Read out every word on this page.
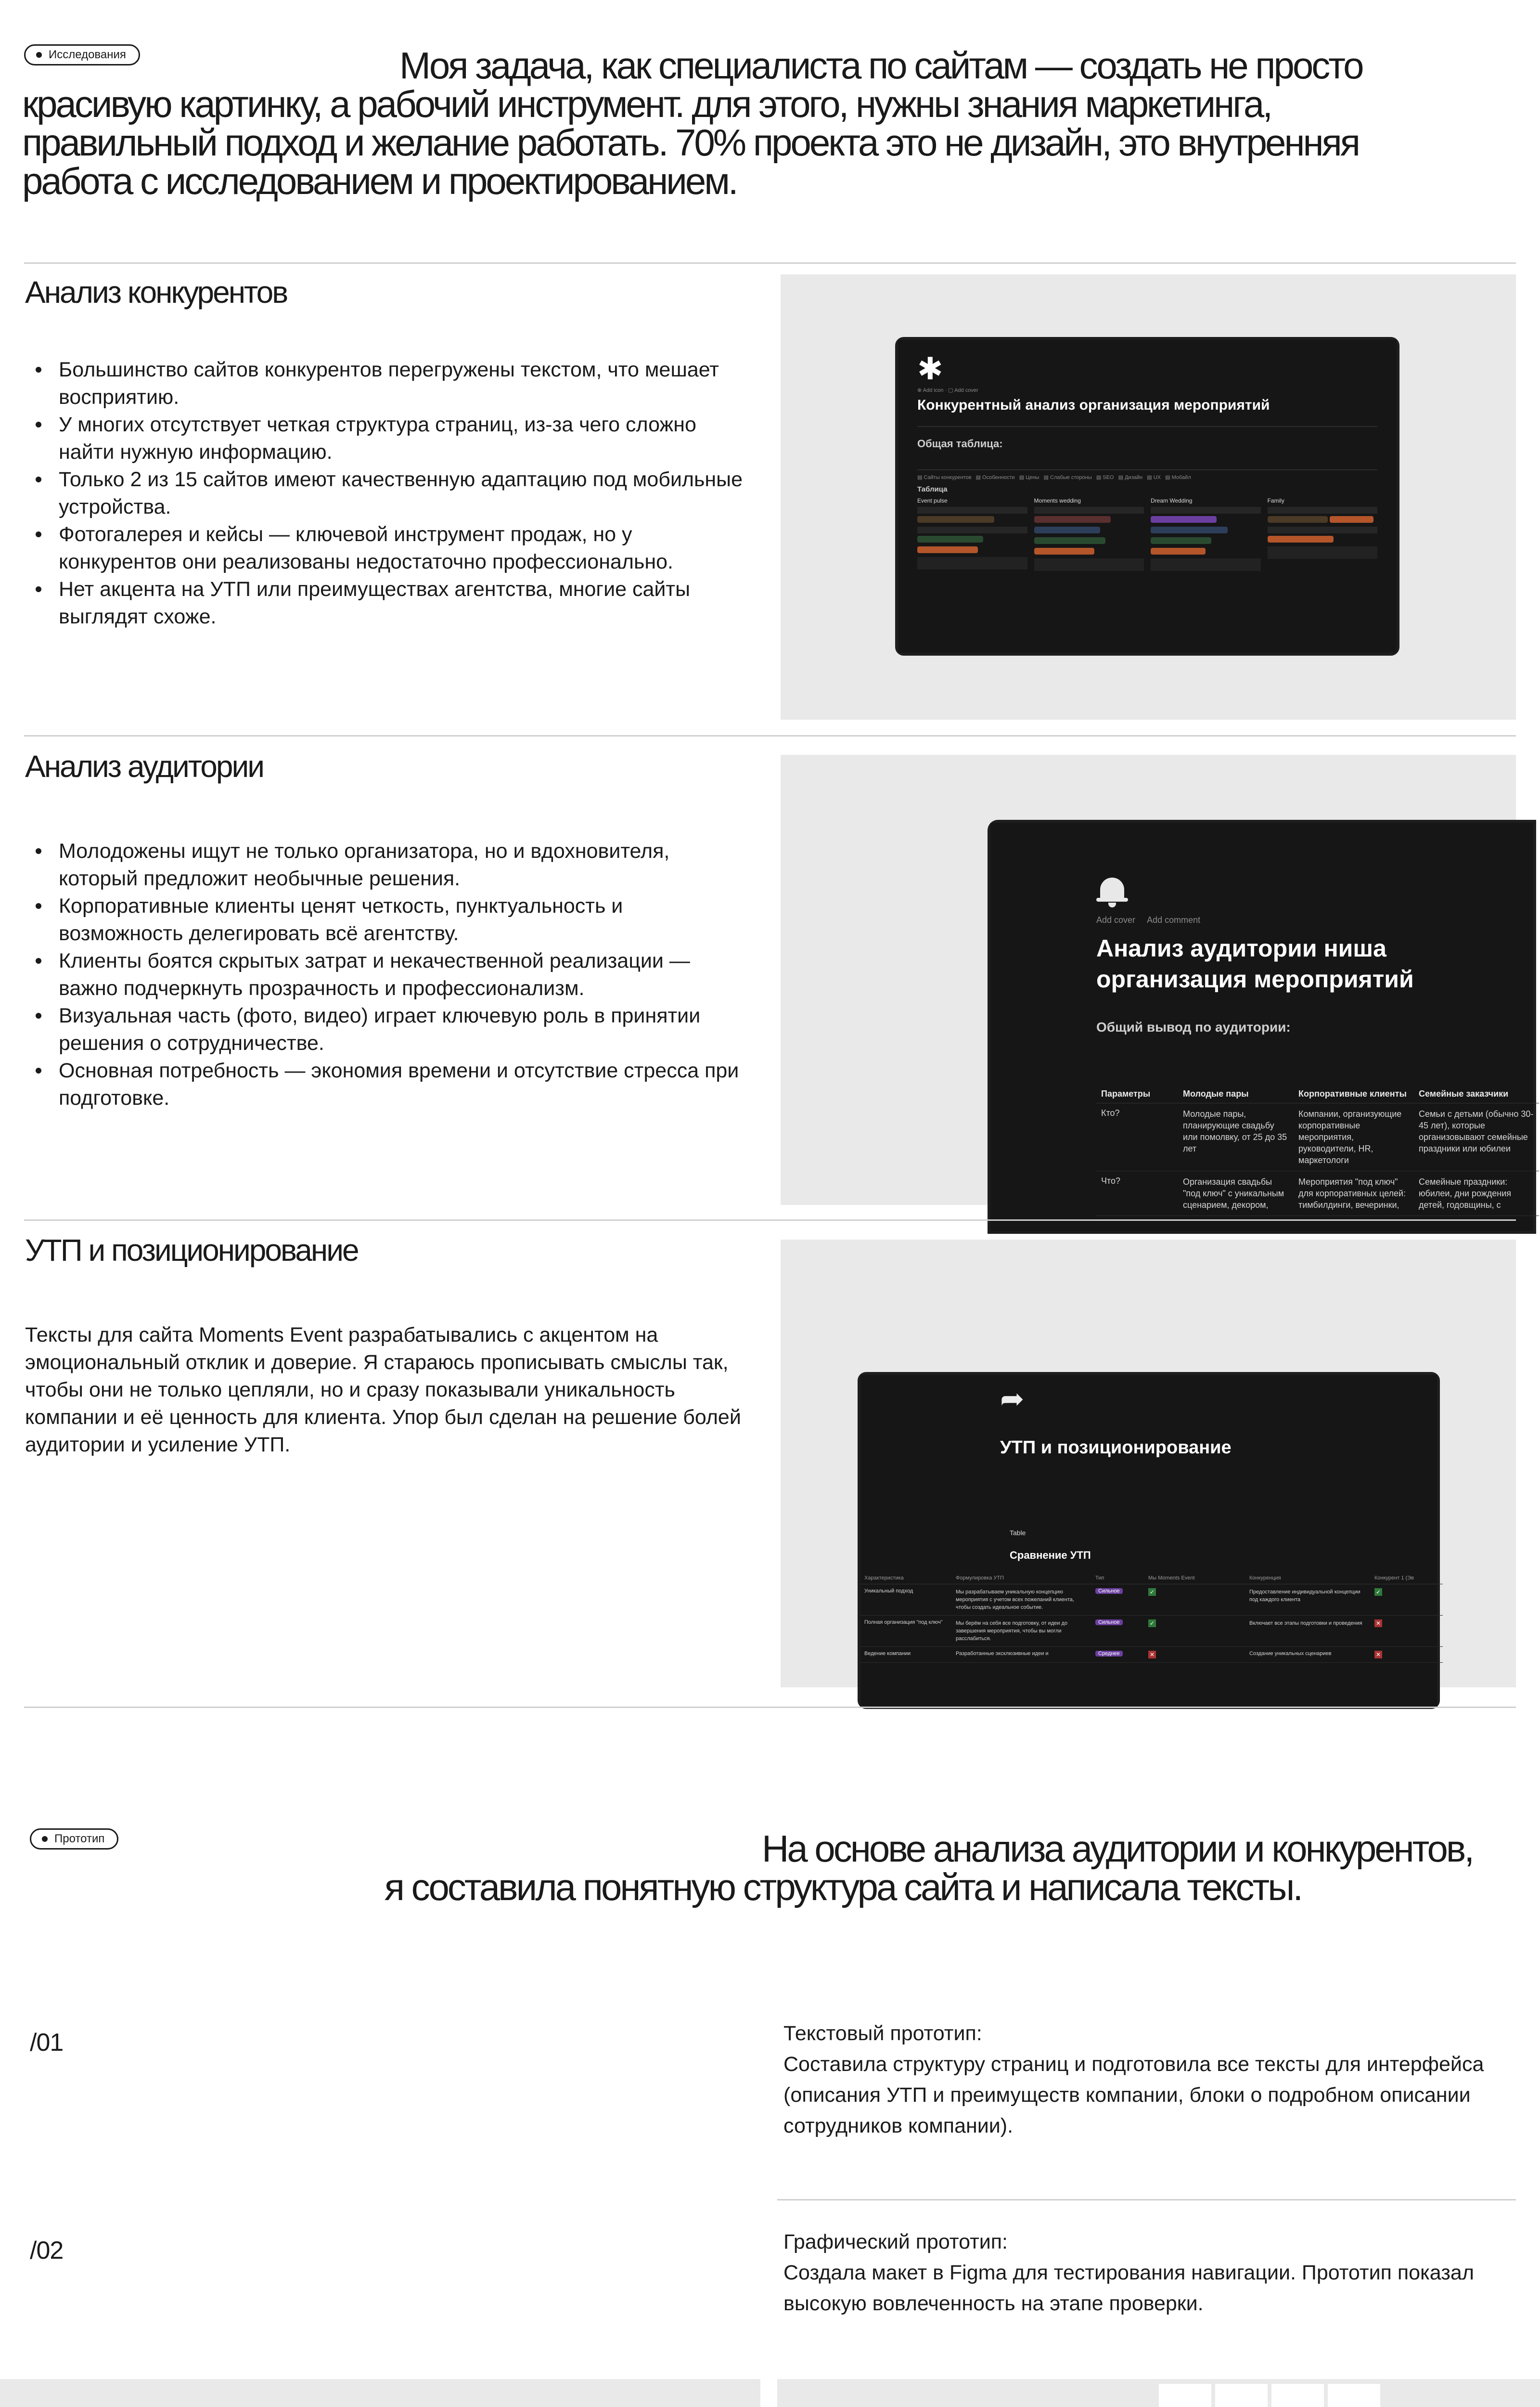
Исследования	Моя задача, как специалиста по сайтам — создать не просто
красивую картинку, а рабочий инструмент. для этого, нужны знания маркетинга,
правильный подход и желание работать. 70% проекта это не дизайн, это внутренняя
работа с исследованием и проектированием.
Анализ конкурентов
Большинство сайтов конкурентов перегружены текстом, что мешает восприятию.
У многих отсутствует четкая структура страниц, из-за чего сложно найти нужную информацию.
Только 2 из 15 сайтов имеют качественную адаптацию под мобильные устройства.
Фотогалерея и кейсы — ключевой инструмент продаж, но у конкурентов они реализованы недостаточно профессионально.
Нет акцента на УТП или преимуществах агентства, многие сайты выглядят схоже.
✱
⊕ Add icon · ▢ Add cover
Конкурентный анализ организация мероприятий
Общая таблица:
▤ Сайты конкурентов   ▤ Особенности   ▤ Цены   ▤ Слабые стороны   ▤ SEO   ▤ Дизайн   ▤ UX   ▤ Мобайл
Таблица
Event pulse
	Moments wedding
	Dream Wedding
	Family

Анализ аудитории
Молодожены ищут не только организатора, но и вдохновителя, который предложит необычные решения.
Корпоративные клиенты ценят четкость, пунктуальность и возможность делегировать всё агентству.
Клиенты боятся скрытых затрат и некачественной реализации — важно подчеркнуть прозрачность и профессионализм.
Визуальная часть (фото, видео) играет ключевую роль в принятии решения о сотрудничестве.
Основная потребность — экономия времени и отсутствие стресса при подготовке.
Add cover Add comment
Анализ аудитории ниша
организация мероприятий
Общий вывод по аудитории:
Параметры	Молодые пары	Корпоративные клиенты	Семейные заказчики
Кто?	Молодые пары, планирующие свадьбу или помолвку, от 25 до 35 лет	Компании, организующие корпоративные мероприятия, руководители, HR, маркетологи	Семьи с детьми (обычно 30-45 лет), которые организовывают семейные праздники или юбилеи
Что?	Организация свадьбы "под ключ" с уникальным сценарием, декором,	Мероприятия "под ключ" для корпоративных целей: тимбилдинги, вечеринки,	Семейные праздники: юбилеи, дни рождения детей, годовщины, с
УТП и позиционирование
Тексты для сайта Moments Event разрабатывались с акцентом на эмоциональный отклик и доверие. Я стараюсь прописывать смыслы так, чтобы они не только цепляли, но и сразу показывали уникальность компании и её ценность для клиента. Упор был сделан на решение болей аудитории и усиление УТП.
➦
УТП и позиционирование
Table
Сравнение УТП
Характеристика	Формулировка УТП	Тип	Мы Moments Event	Конкуренция	Конкурент 1 (Эв
Уникальный подход	Мы разрабатываем уникальную концепцию мероприятия с учетом всех пожеланий клиента, чтобы создать идеальное событие.	Сильное	✓	Предоставление индивидуальной концепции под каждого клиента	✓
Полная организация "под ключ"	Мы берём на себя все подготовку, от идеи до завершения мероприятия, чтобы вы могли расслабиться.	Сильное	✓	Включает все этапы подготовки и проведения	✕
Ведение компании	Разработанные эксклюзивные идеи и	Среднее	✕	Создание уникальных сценариев	✕
Прототип	На основе анализа аудитории и конкурентов,
я составила понятную структура сайта и написала тексты.
/01	Текстовый прототип:
Составила структуру страниц и подготовила все тексты для интерфейса (описания УТП и преимуществ компании, блоки о подробном описании сотрудников компании).
/02	Графический прототип:
Создала макет в Figma для тестирования навигации. Прототип показал высокую вовлеченность на этапе проверки.
